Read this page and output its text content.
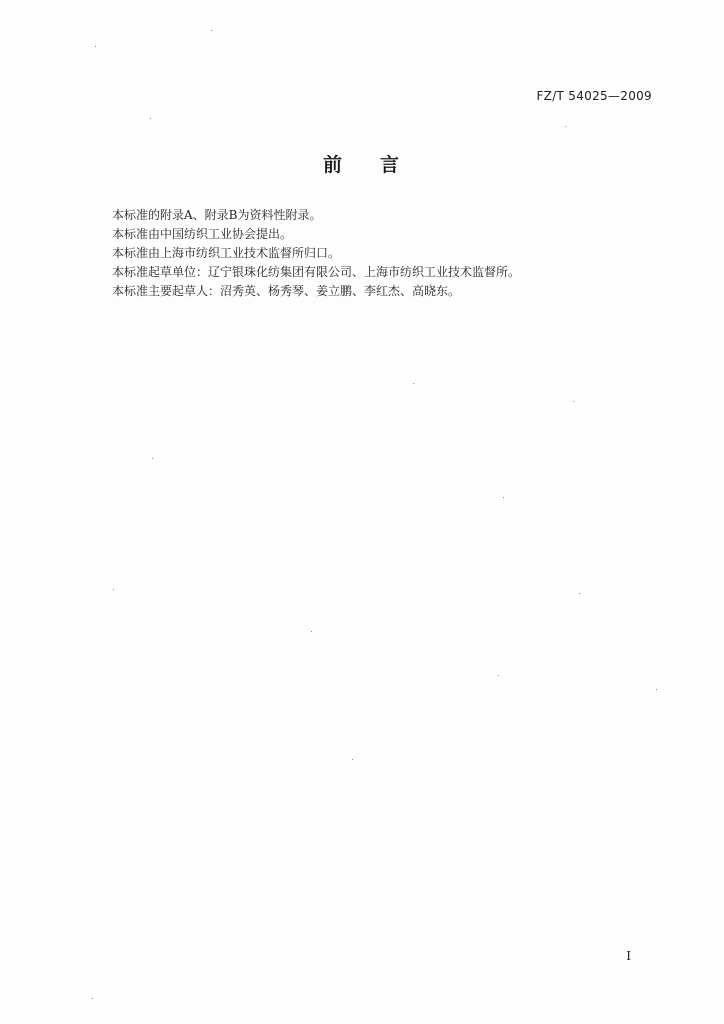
FZ/T 54025—2009
前 言

本标准的附录A、附录B为资料性附录。

本标准由中国纺织工业协会提出。

本标准由上海市纺织工业技术监督所归口。

本标准起草单位：辽宁银珠化纺集团有限公司、上海市纺织工业技术监督所。

本标准主要起草人：沼秀英、杨秀琴、姜立鹏、李红杰、高晓东。

I
